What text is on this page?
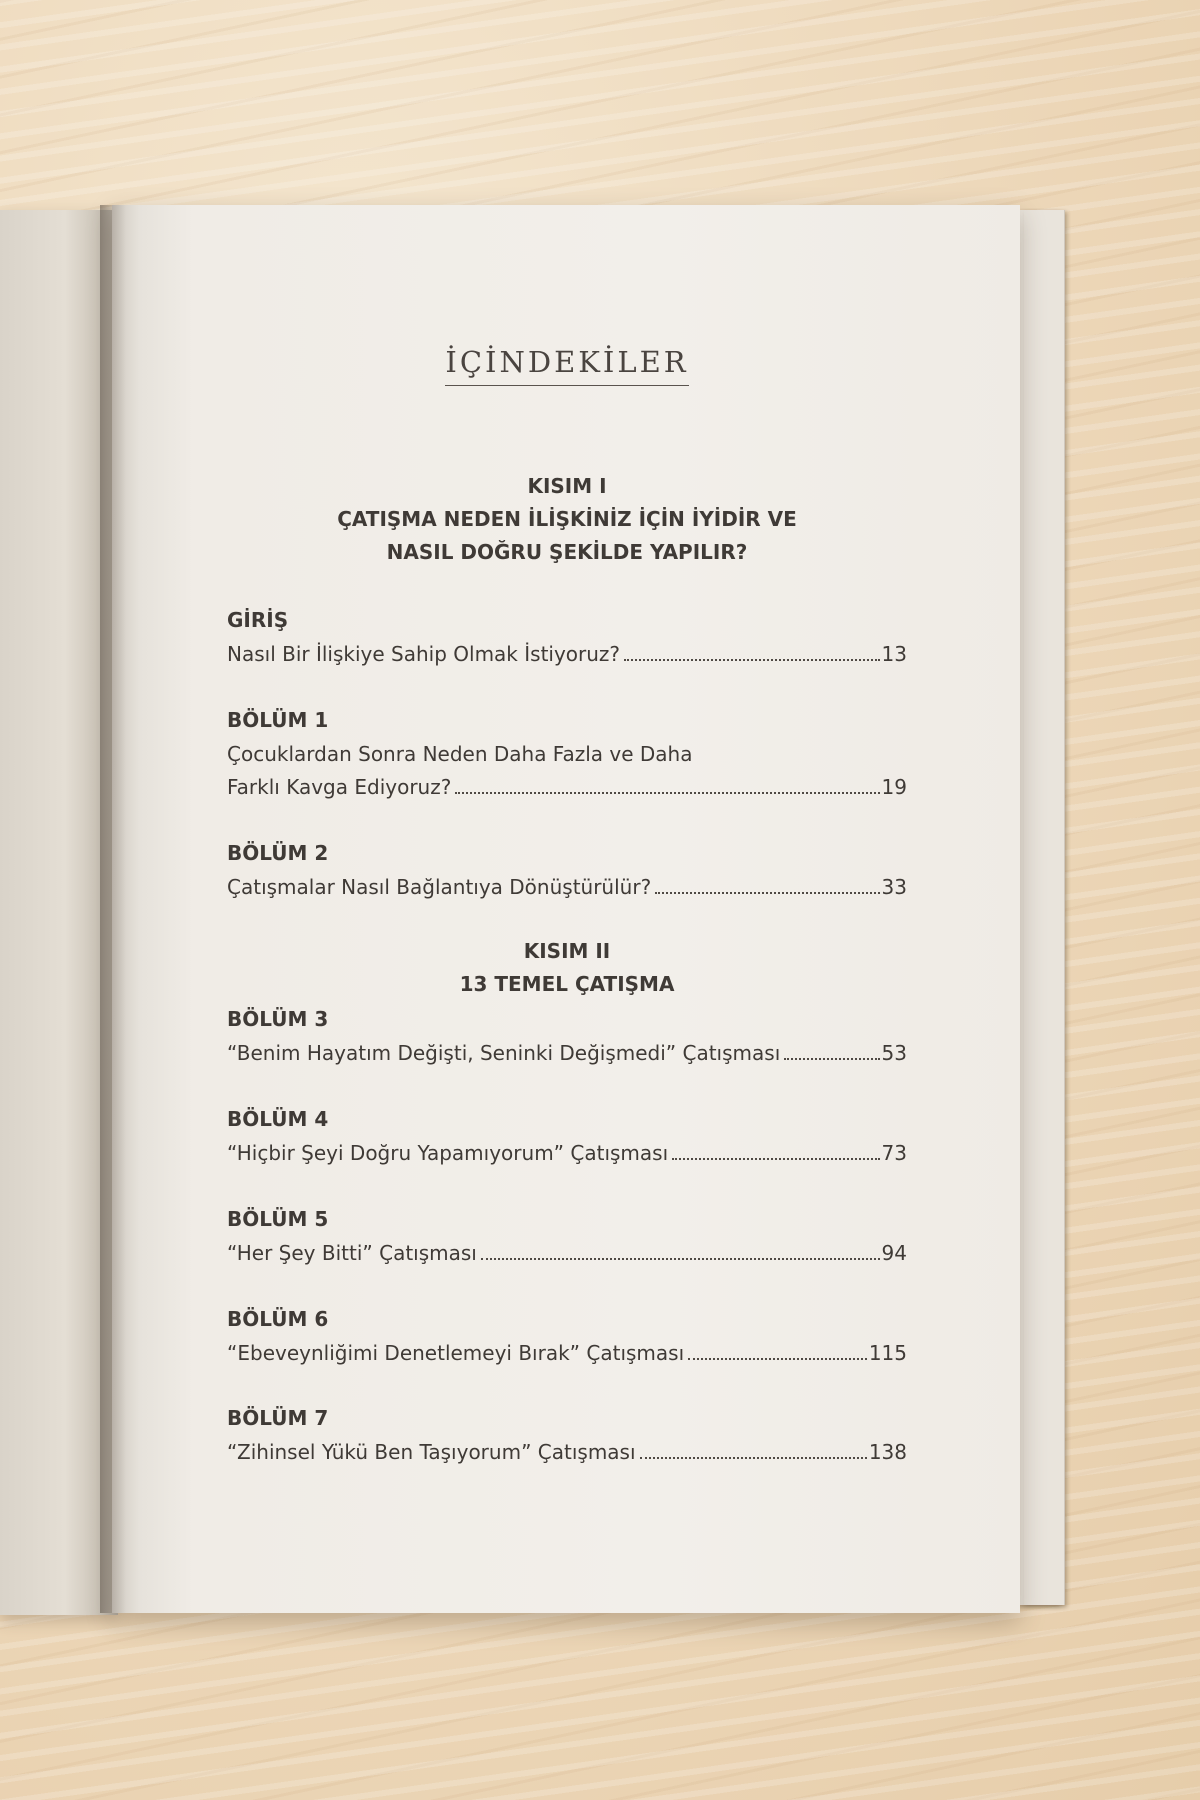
İÇİNDEKİLER
KISIM I
ÇATIŞMA NEDEN İLİŞKİNİZ İÇİN İYİDİR VE
NASIL DOĞRU ŞEKİLDE YAPILIR?
GİRİŞ
Nasıl Bir İlişkiye Sahip Olmak İstiyoruz?	13
BÖLÜM 1
Çocuklardan Sonra Neden Daha Fazla ve Daha
Farklı Kavga Ediyoruz?	19
BÖLÜM 2
Çatışmalar Nasıl Bağlantıya Dönüştürülür?	33
KISIM II
13 TEMEL ÇATIŞMA
BÖLÜM 3
“Benim Hayatım Değişti, Seninki Değişmedi” Çatışması	53
BÖLÜM 4
“Hiçbir Şeyi Doğru Yapamıyorum” Çatışması	73
BÖLÜM 5
“Her Şey Bitti” Çatışması	94
BÖLÜM 6
“Ebeveynliğimi Denetlemeyi Bırak” Çatışması	115
BÖLÜM 7
“Zihinsel Yükü Ben Taşıyorum” Çatışması	138
